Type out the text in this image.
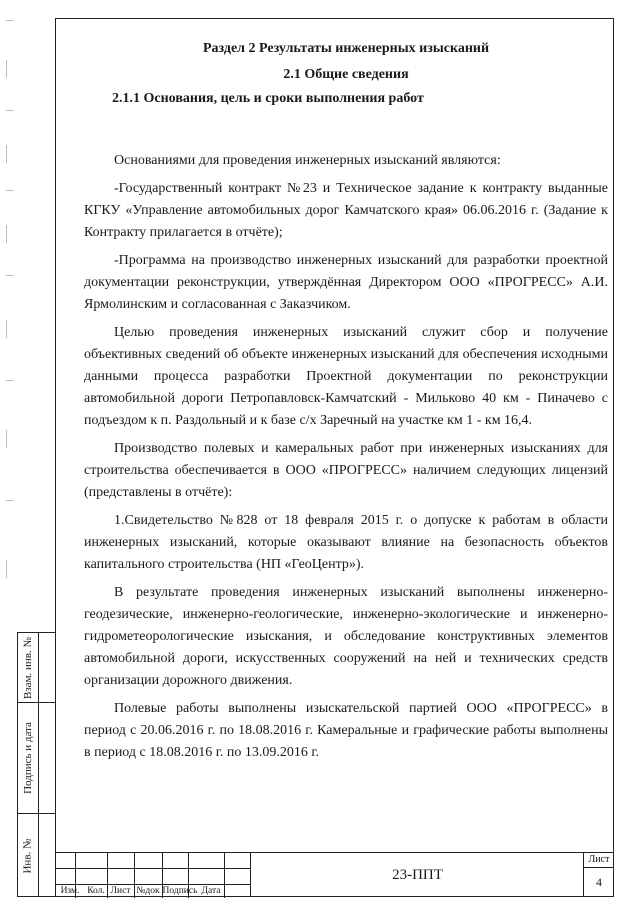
Взам. инв. №
Подпись и дата
Инв. №
Раздел 2 Результаты инженерных изысканий
2.1 Общие сведения
2.1.1 Основания, цель и сроки выполнения работ

Основаниями для проведения инженерных изысканий являются:

-Государственный контракт №23 и Техническое задание к контракту выданные КГКУ «Управление автомобильных дорог Камчатского края» 06.06.2016 г. (Задание к Контракту прилагается в отчёте);

-Программа на производство инженерных изысканий для разработки проектной документации реконструкции, утверждённая Директором ООО «ПРОГРЕСС» А.И. Ярмолинским и согласованная с Заказчиком.

Целью проведения инженерных изысканий служит сбор и получение объективных сведений об объекте инженерных изысканий для обеспечения исходными данными процесса разработки Проектной документации по реконструкции автомобильной дороги Петропавловск-Камчатский - Мильково 40 км - Пиначево с подъездом к п. Раздольный и к базе с/х Заречный на участке км 1 - км 16,4.

Производство полевых и камеральных работ при инженерных изысканиях для строительства обеспечивается в ООО «ПРОГРЕСС» наличием следующих лицензий (представлены в отчёте):

1.Свидетельство №828 от 18 февраля 2015 г. о допуске к работам в области инженерных изысканий, которые оказывают влияние на безопасность объектов капитального строительства (НП «ГеоЦентр»).

В результате проведения инженерных изысканий выполнены инженерно-геодезические, инженерно-геологические, инженерно-экологические и инженерно-гидрометеорологические изыскания, и обследование конструктивных элементов автомобильной дороги, искусственных сооружений на ней и технических средств организации дорожного движения.

Полевые работы выполнены изыскательской партией ООО «ПРОГРЕСС» в период с 20.06.2016 г. по 18.08.2016 г. Камеральные и графические работы выполнены в период с 18.08.2016 г. по 13.09.2016 г.

Изм. Кол. Лист №док Подпись Дата
23-ППТ
Лист
4
